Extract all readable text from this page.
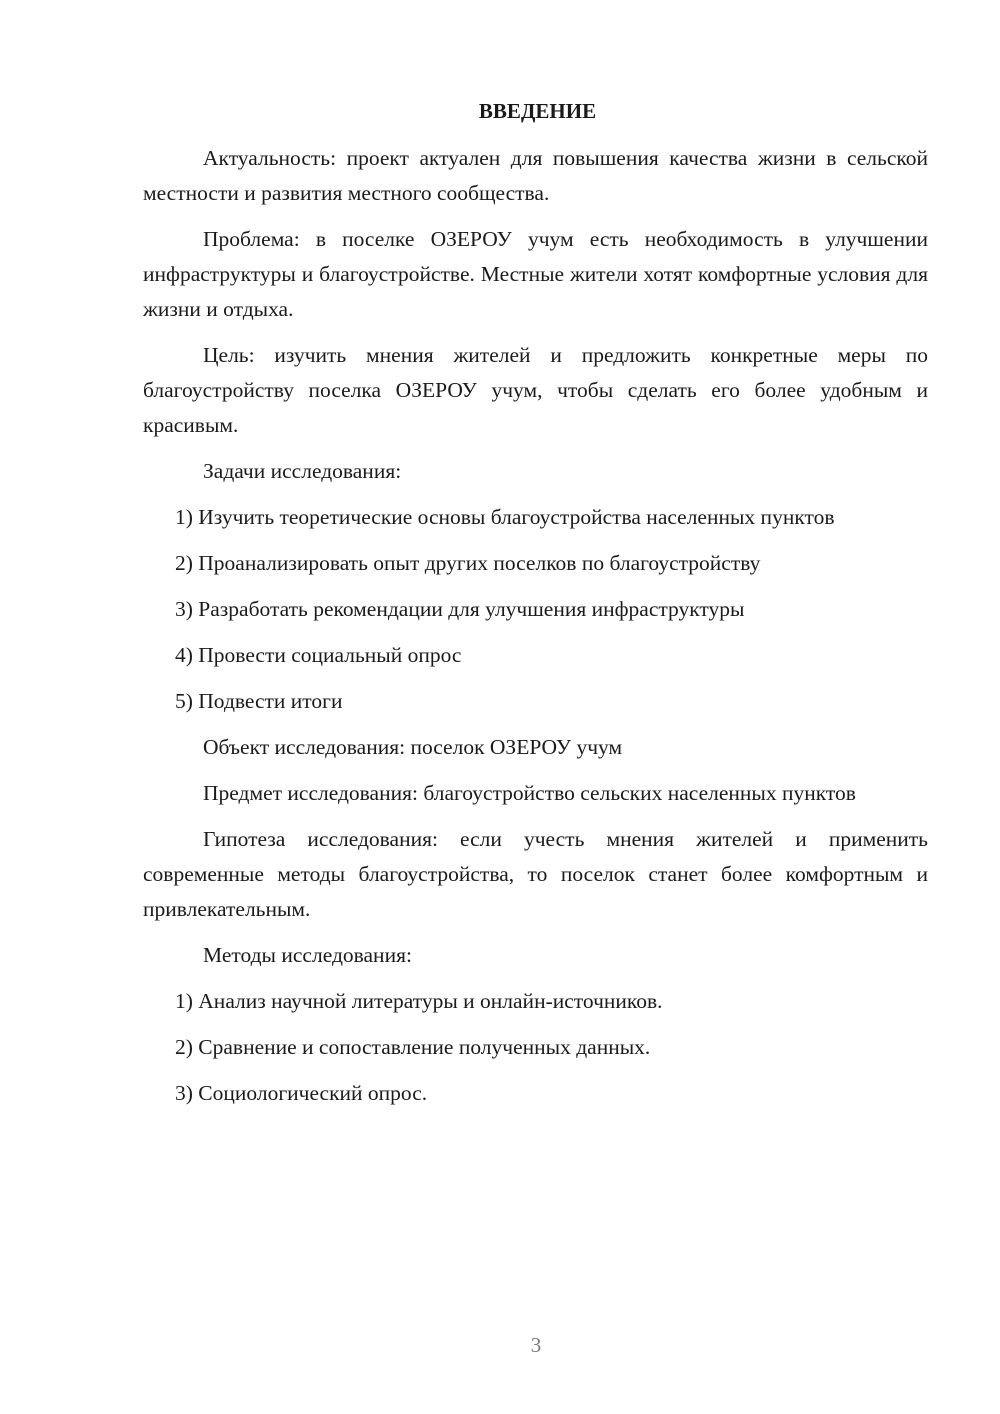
ВВЕДЕНИЕ

Актуальность: проект актуален для повышения качества жизни в сельской местности и развития местного сообщества.

Проблема: в поселке ОЗЕРОУ учум есть необходимость в улучшении инфраструктуры и благоустройстве. Местные жители хотят комфортные условия для жизни и отдыха.

Цель: изучить мнения жителей и предложить конкретные меры по благоустройству поселка ОЗЕРОУ учум, чтобы сделать его более удобным и красивым.

Задачи исследования:

1) Изучить теоретические основы благоустройства населенных пунктов

2) Проанализировать опыт других поселков по благоустройству

3) Разработать рекомендации для улучшения инфраструктуры

4) Провести социальный опрос

5) Подвести итоги

Объект исследования: поселок ОЗЕРОУ учум

Предмет исследования: благоустройство сельских населенных пунктов

Гипотеза исследования: если учесть мнения жителей и применить современные методы благоустройства, то поселок станет более комфортным и привлекательным.

Методы исследования:

1) Анализ научной литературы и онлайн-источников.

2) Сравнение и сопоставление полученных данных.

3) Социологический опрос.

3
